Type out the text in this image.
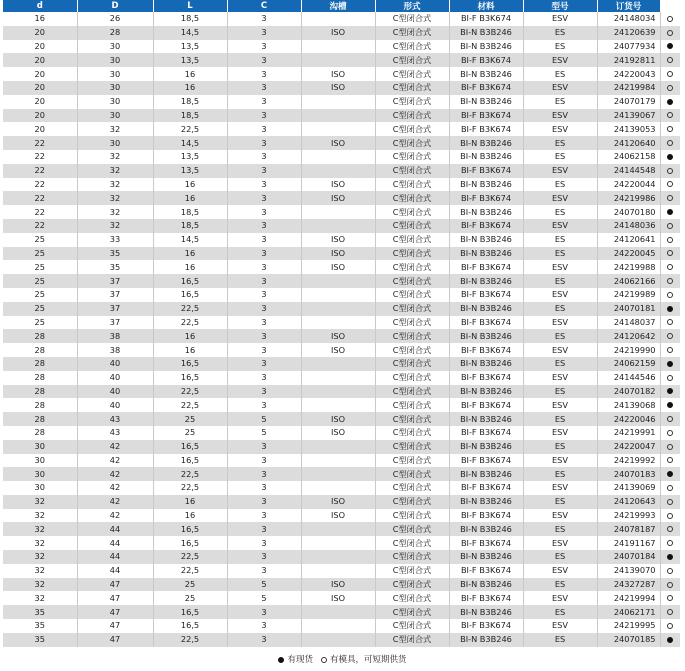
d	D	L	C	沟槽	形式	材料	型号	订货号	
16	26	18,5	3		C型闭合式	BI-F B3K674	ESV	24148034	
20	28	14,5	3	ISO	C型闭合式	BI-N B3B246	ES	24120639	
20	30	13,5	3		C型闭合式	BI-N B3B246	ES	24077934	
20	30	13,5	3		C型闭合式	BI-F B3K674	ESV	24192811	
20	30	16	3	ISO	C型闭合式	BI-N B3B246	ES	24220043	
20	30	16	3	ISO	C型闭合式	BI-F B3K674	ESV	24219984	
20	30	18,5	3		C型闭合式	BI-N B3B246	ES	24070179	
20	30	18,5	3		C型闭合式	BI-F B3K674	ESV	24139067	
20	32	22,5	3		C型闭合式	BI-F B3K674	ESV	24139053	
22	30	14,5	3	ISO	C型闭合式	BI-N B3B246	ES	24120640	
22	32	13,5	3		C型闭合式	BI-N B3B246	ES	24062158	
22	32	13,5	3		C型闭合式	BI-F B3K674	ESV	24144548	
22	32	16	3	ISO	C型闭合式	BI-N B3B246	ES	24220044	
22	32	16	3	ISO	C型闭合式	BI-F B3K674	ESV	24219986	
22	32	18,5	3		C型闭合式	BI-N B3B246	ES	24070180	
22	32	18,5	3		C型闭合式	BI-F B3K674	ESV	24148036	
25	33	14,5	3	ISO	C型闭合式	BI-N B3B246	ES	24120641	
25	35	16	3	ISO	C型闭合式	BI-N B3B246	ES	24220045	
25	35	16	3	ISO	C型闭合式	BI-F B3K674	ESV	24219988	
25	37	16,5	3		C型闭合式	BI-N B3B246	ES	24062166	
25	37	16,5	3		C型闭合式	BI-F B3K674	ESV	24219989	
25	37	22,5	3		C型闭合式	BI-N B3B246	ES	24070181	
25	37	22,5	3		C型闭合式	BI-F B3K674	ESV	24148037	
28	38	16	3	ISO	C型闭合式	BI-N B3B246	ES	24120642	
28	38	16	3	ISO	C型闭合式	BI-F B3K674	ESV	24219990	
28	40	16,5	3		C型闭合式	BI-N B3B246	ES	24062159	
28	40	16,5	3		C型闭合式	BI-F B3K674	ESV	24144546	
28	40	22,5	3		C型闭合式	BI-N B3B246	ES	24070182	
28	40	22,5	3		C型闭合式	BI-F B3K674	ESV	24139068	
28	43	25	5	ISO	C型闭合式	BI-N B3B246	ES	24220046	
28	43	25	5	ISO	C型闭合式	BI-F B3K674	ESV	24219991	
30	42	16,5	3		C型闭合式	BI-N B3B246	ES	24220047	
30	42	16,5	3		C型闭合式	BI-F B3K674	ESV	24219992	
30	42	22,5	3		C型闭合式	BI-N B3B246	ES	24070183	
30	42	22,5	3		C型闭合式	BI-F B3K674	ESV	24139069	
32	42	16	3	ISO	C型闭合式	BI-N B3B246	ES	24120643	
32	42	16	3	ISO	C型闭合式	BI-F B3K674	ESV	24219993	
32	44	16,5	3		C型闭合式	BI-N B3B246	ES	24078187	
32	44	16,5	3		C型闭合式	BI-F B3K674	ESV	24191167	
32	44	22,5	3		C型闭合式	BI-N B3B246	ES	24070184	
32	44	22,5	3		C型闭合式	BI-F B3K674	ESV	24139070	
32	47	25	5	ISO	C型闭合式	BI-N B3B246	ES	24327287	
32	47	25	5	ISO	C型闭合式	BI-F B3K674	ESV	24219994	
35	47	16,5	3		C型闭合式	BI-N B3B246	ES	24062171	
35	47	16,5	3		C型闭合式	BI-F B3K674	ESV	24219995	
35	47	22,5	3		C型闭合式	BI-N B3B246	ES	24070185	
有现货 有模具，可短期供货
